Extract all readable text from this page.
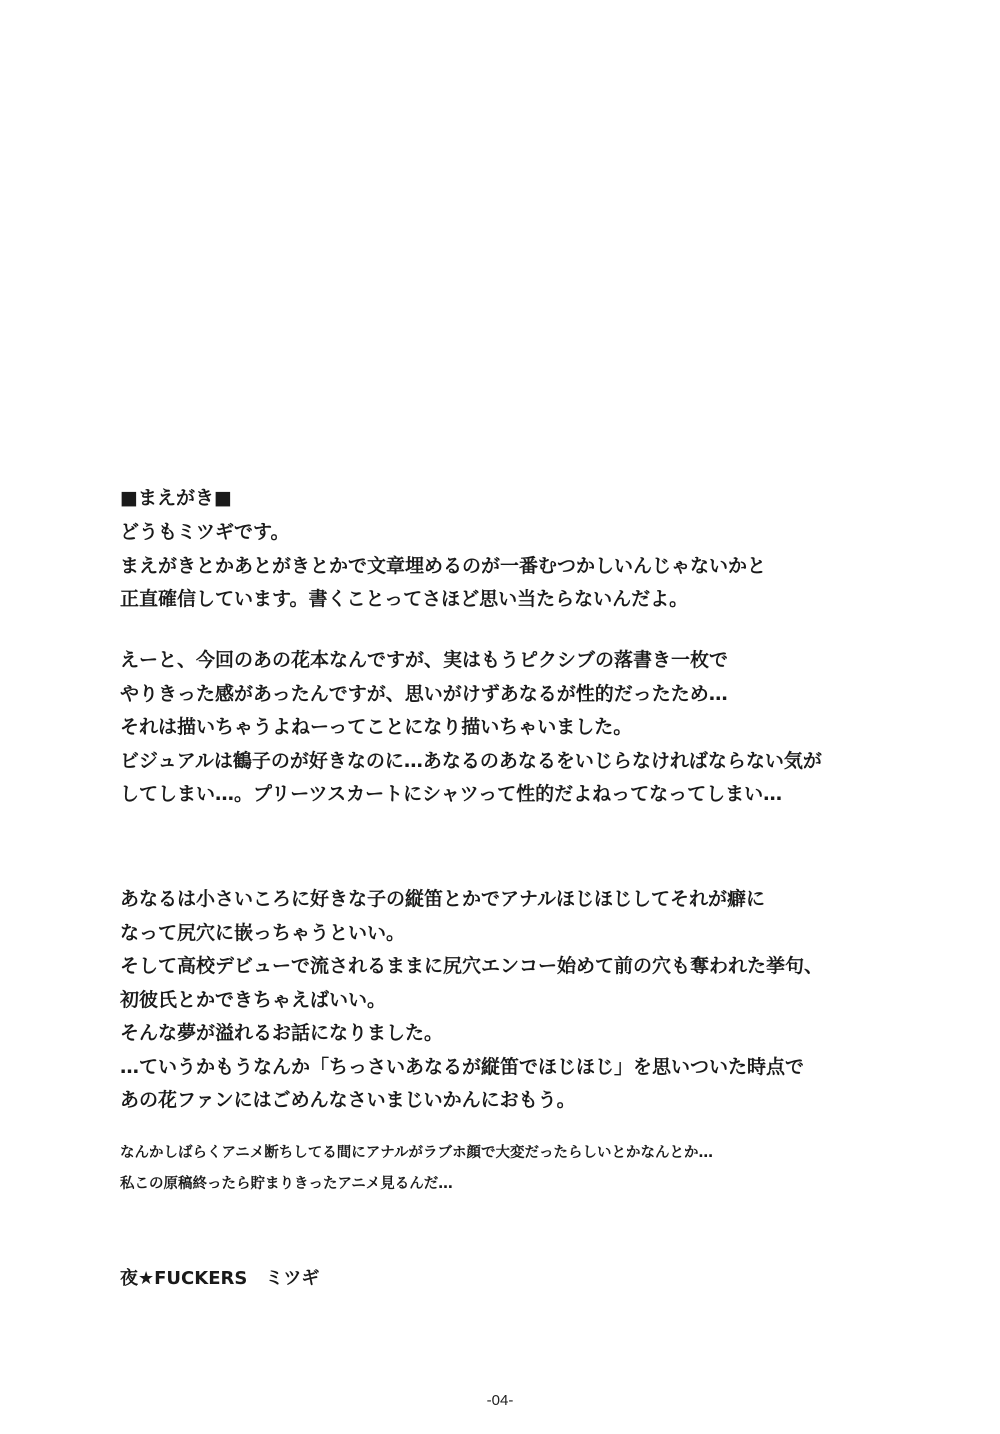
■まえがき■
どうもミツギです。
まえがきとかあとがきとかで文章埋めるのが一番むつかしいんじゃないかと
正直確信しています。書くことってさほど思い当たらないんだよ。
えーと、今回のあの花本なんですが、実はもうピクシブの落書き一枚で
やりきった感があったんですが、思いがけずあなるが性的だったため…
それは描いちゃうよねーってことになり描いちゃいました。
ビジュアルは鶴子のが好きなのに…あなるのあなるをいじらなければならない気が
してしまい…。プリーツスカートにシャツって性的だよねってなってしまい…
あなるは小さいころに好きな子の縦笛とかでアナルほじほじしてそれが癖に
なって尻穴に嵌っちゃうといい。
そして高校デビューで流されるままに尻穴エンコー始めて前の穴も奪われた挙句、
初彼氏とかできちゃえばいい。
そんな夢が溢れるお話になりました。
…ていうかもうなんか「ちっさいあなるが縦笛でほじほじ」を思いついた時点で
あの花ファンにはごめんなさいまじいかんにおもう。
なんかしばらくアニメ断ちしてる間にアナルがラブホ顔で大変だったらしいとかなんとか…
私この原稿終ったら貯まりきったアニメ見るんだ…
夜★FUCKERS　ミツギ
-04-
